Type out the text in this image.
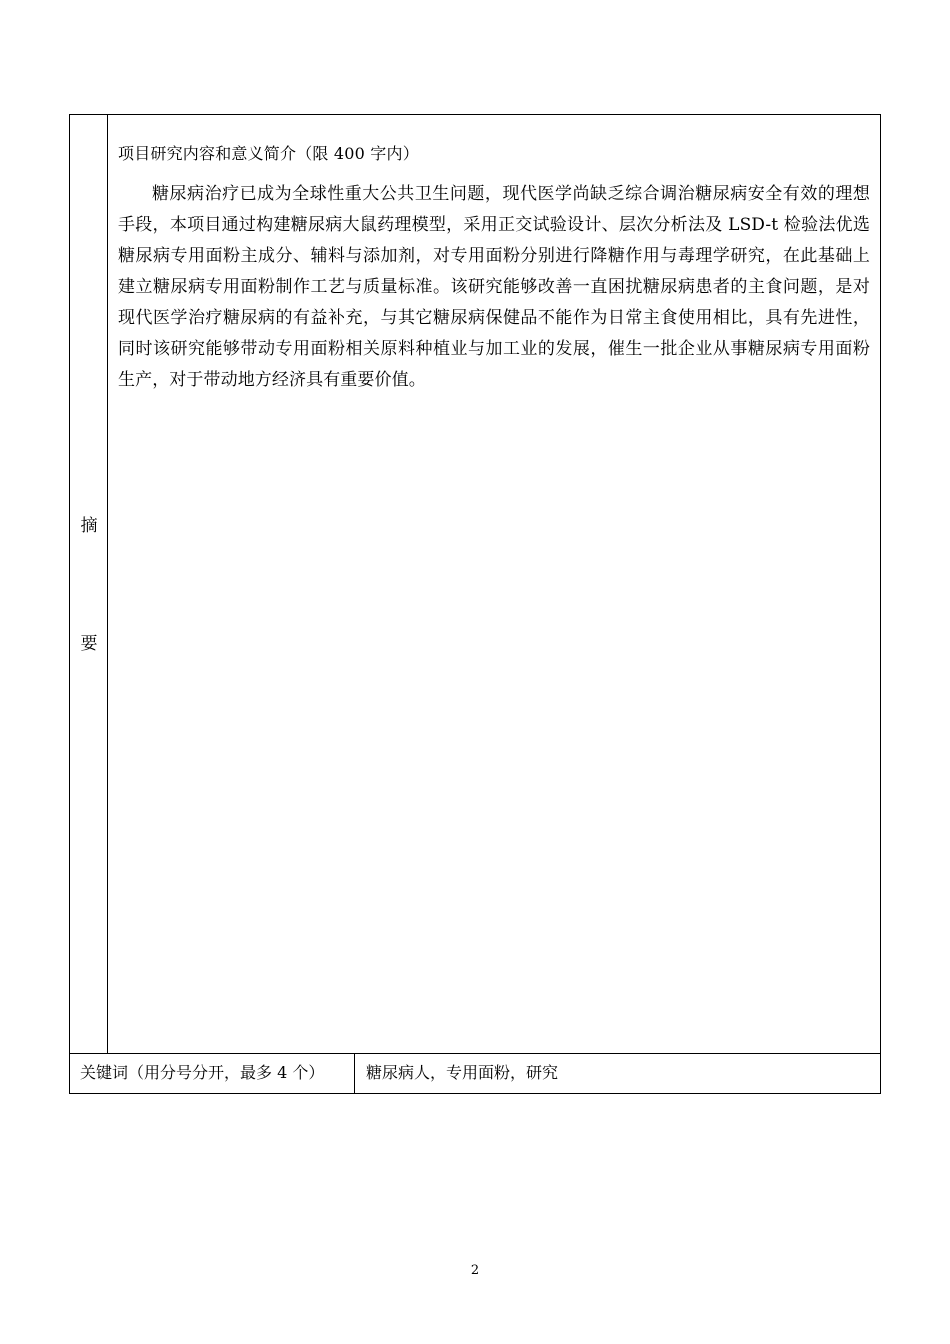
摘
要

项目研究内容和意义简介（限 400 字内）

糖尿病治疗已成为全球性重大公共卫生问题，现代医学尚缺乏综合调治糖尿病安全有效的理想手段，本项目通过构建糖尿病大鼠药理模型，采用正交试验设计、层次分析法及 LSD-t 检验法优选糖尿病专用面粉主成分、辅料与添加剂，对专用面粉分别进行降糖作用与毒理学研究，在此基础上建立糖尿病专用面粉制作工艺与质量标准。该研究能够改善一直困扰糖尿病患者的主食问题，是对现代医学治疗糖尿病的有益补充，与其它糖尿病保健品不能作为日常主食使用相比，具有先进性，同时该研究能够带动专用面粉相关原料种植业与加工业的发展，催生一批企业从事糖尿病专用面粉生产，对于带动地方经济具有重要价值。

关键词（用分号分开，最多 4 个）	糖尿病人，专用面粉，研究
2
